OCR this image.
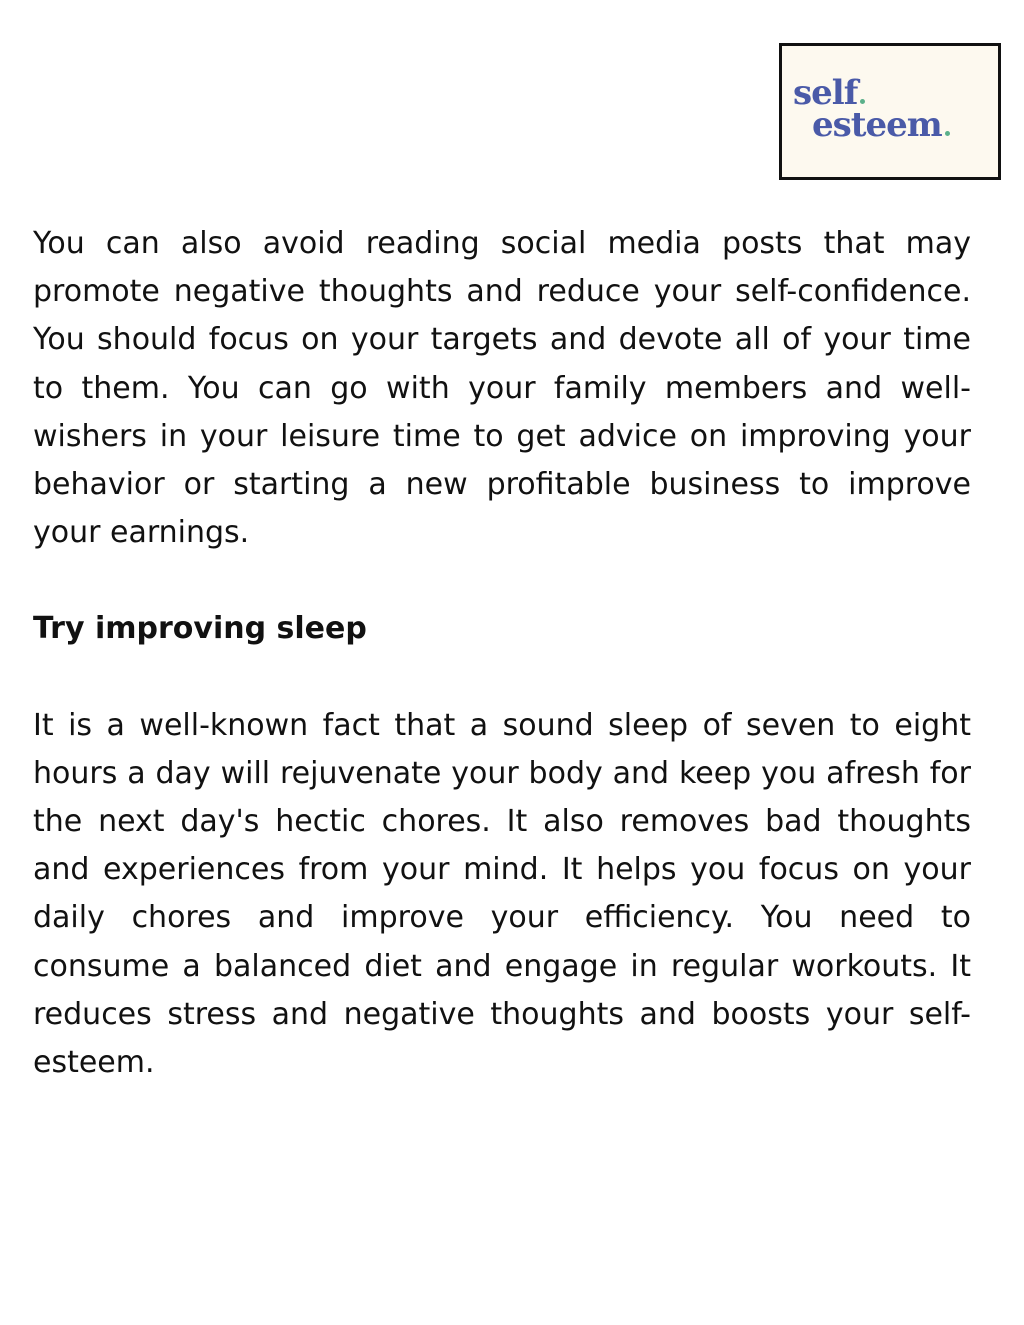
self
esteem

You can also avoid reading social media posts that may promote negative thoughts and reduce your self-confidence. You should focus on your targets and devote all of your time to them. You can go with your family members and well-wishers in your leisure time to get advice on improving your behavior or starting a new profitable business to improve your earnings.

Try improving sleep

It is a well-known fact that a sound sleep of seven to eight hours a day will rejuvenate your body and keep you afresh for the next day's hectic chores. It also removes bad thoughts and experiences from your mind. It helps you focus on your daily chores and improve your efficiency. You need to consume a balanced diet and engage in regular workouts. It reduces stress and negative thoughts and boosts your self-esteem.
